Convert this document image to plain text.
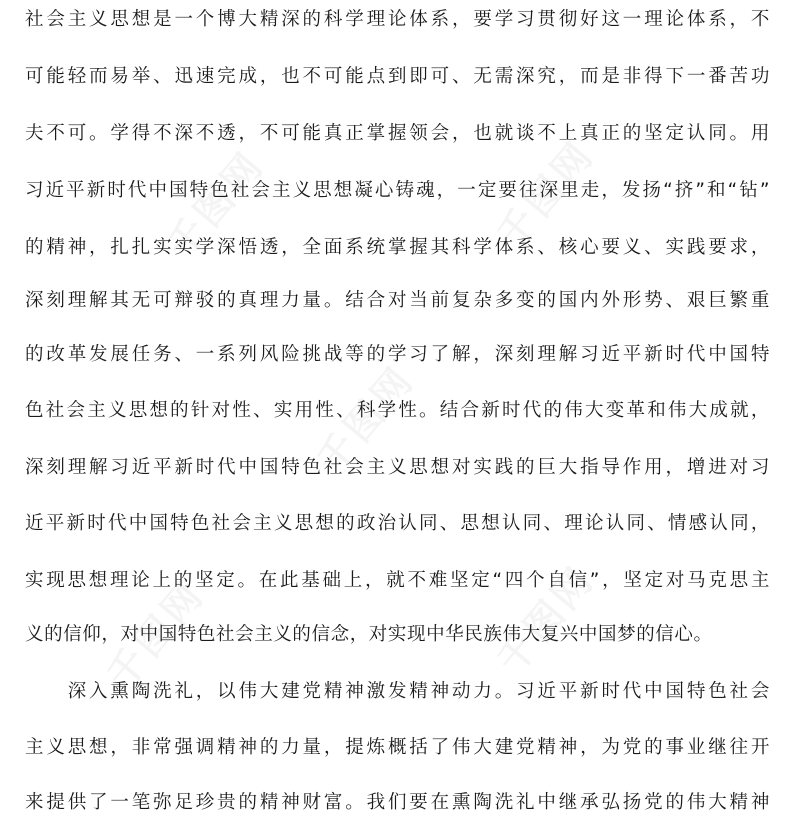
社会主义思想是一个博大精深的科学理论体系，要学习贯彻好这一理论体系，不
可能轻而易举、迅速完成，也不可能点到即可、无需深究，而是非得下一番苦功
夫不可。学得不深不透，不可能真正掌握领会，也就谈不上真正的坚定认同。用
习近平新时代中国特色社会主义思想凝心铸魂，一定要往深里走，发扬“挤”和“钻”
的精神，扎扎实实学深悟透，全面系统掌握其科学体系、核心要义、实践要求，
深刻理解其无可辩驳的真理力量。结合对当前复杂多变的国内外形势、艰巨繁重
的改革发展任务、一系列风险挑战等的学习了解，深刻理解习近平新时代中国特
色社会主义思想的针对性、实用性、科学性。结合新时代的伟大变革和伟大成就，
深刻理解习近平新时代中国特色社会主义思想对实践的巨大指导作用，增进对习
近平新时代中国特色社会主义思想的政治认同、思想认同、理论认同、情感认同，
实现思想理论上的坚定。在此基础上，就不难坚定“四个自信”，坚定对马克思主
义的信仰，对中国特色社会主义的信念，对实现中华民族伟大复兴中国梦的信心。
　　深入熏陶洗礼，以伟大建党精神激发精神动力。习近平新时代中国特色社会
主义思想，非常强调精神的力量，提炼概括了伟大建党精神，为党的事业继往开
来提供了一笔弥足珍贵的精神财富。我们要在熏陶洗礼中继承弘扬党的伟大精神
